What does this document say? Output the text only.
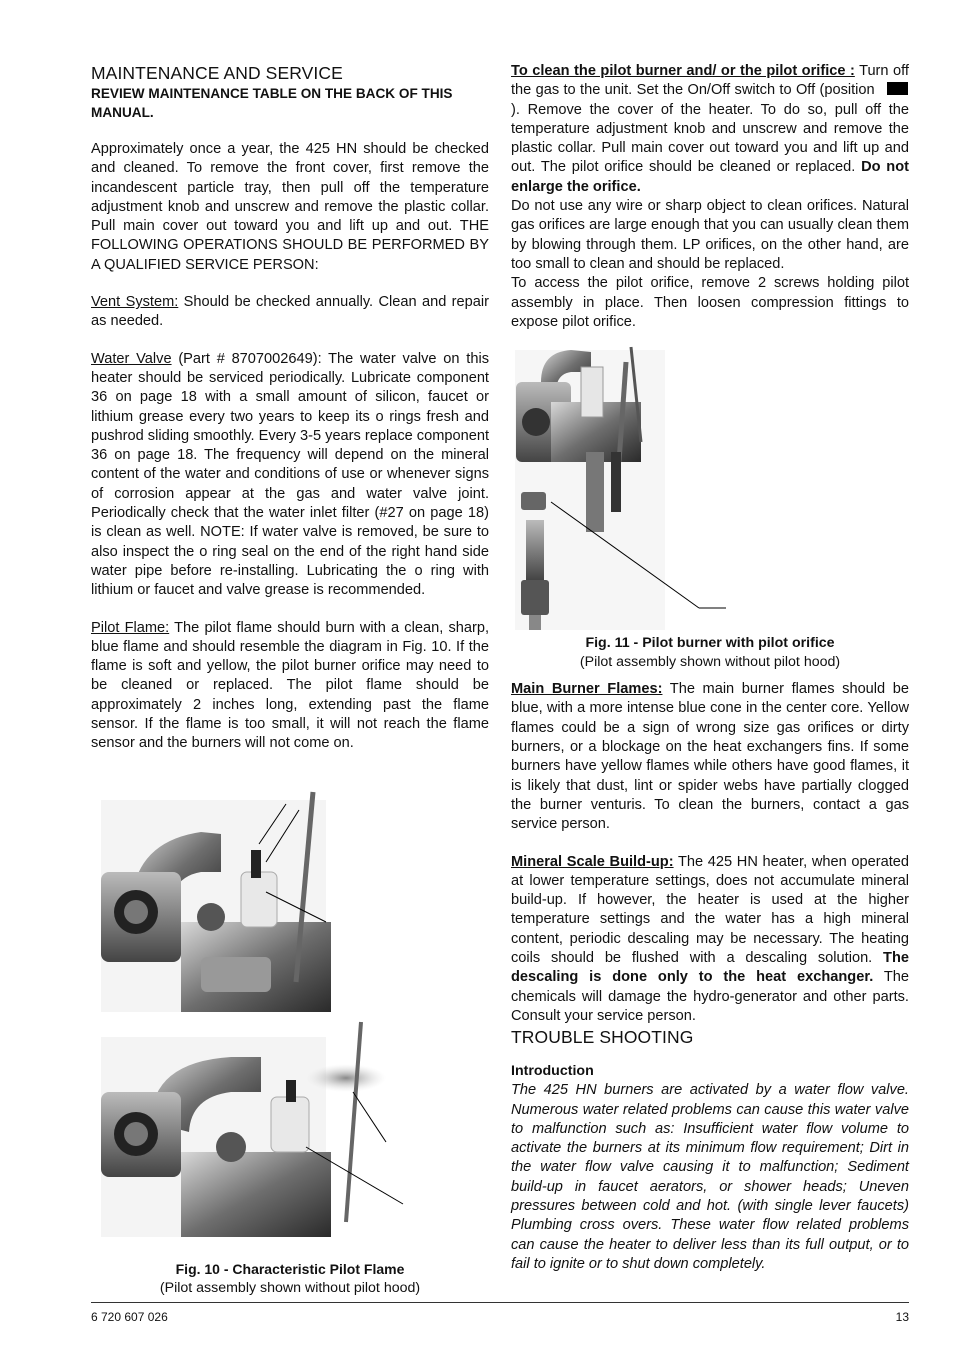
MAINTENANCE AND SERVICE
REVIEW MAINTENANCE TABLE ON THE BACK OF THIS MANUAL.

Approximately once a year, the 425 HN should be checked and cleaned. To remove the front cover, first remove the incandescent particle tray, then pull off the temperature adjustment knob and unscrew and remove the plastic collar. Pull main cover out toward you and lift up and out. THE FOLLOWING OPERATIONS SHOULD BE PERFORMED BY A QUALIFIED SERVICE PERSON:

Vent System: Should be checked annually. Clean and repair as needed.

Water Valve (Part # 8707002649): The water valve on this heater should be serviced periodically. Lubricate component 36 on page 18 with a small amount of silicon, faucet or lithium grease every two years to keep its o rings fresh and pushrod sliding smoothly. Every 3-5 years replace component 36 on page 18. The frequency will depend on the mineral content of the water and conditions of use or whenever signs of corrosion appear at the gas and water valve joint. Periodically check that the water inlet filter (#27 on page 18) is clean as well. NOTE: If water valve is removed, be sure to also inspect the o ring seal on the end of the right hand side water pipe before re-installing. Lubricating the o ring with lithium or faucet and valve grease is recommended.

Pilot Flame: The pilot flame should burn with a clean, sharp, blue flame and should resemble the diagram in Fig. 10. If the flame is soft and yellow, the pilot burner orifice may need to be cleaned or replaced. The pilot flame should be approximately 2 inches long, extending past the flame sensor. If the flame is too small, it will not reach the flame sensor and the burners will not come on.

Fig. 10 - Characteristic Pilot Flame

(Pilot assembly shown without pilot hood)

To clean the pilot burner and/ or the pilot orifice : Turn off the gas to the unit. Set the On/Off switch to Off (position ). Remove the cover of the heater. To do so, pull off the temperature adjustment knob and unscrew and remove the plastic collar. Pull main cover out toward you and lift up and out. The pilot orifice should be cleaned or replaced. Do not enlarge the orifice.

Do not use any wire or sharp object to clean orifices. Natural gas orifices are large enough that you can usually clean them by blowing through them. LP orifices, on the other hand, are too small to clean and should be replaced.

To access the pilot orifice, remove 2 screws holding pilot assembly in place. Then loosen compression fittings to expose pilot orifice.

Fig. 11 - Pilot burner with pilot orifice

(Pilot assembly shown without pilot hood)

Main Burner Flames: The main burner flames should be blue, with a more intense blue cone in the center core. Yellow flames could be a sign of wrong size gas orifices or dirty burners, or a blockage on the heat exchangers fins. If some burners have yellow flames while others have good flames, it is likely that dust, lint or spider webs have partially clogged the burner venturis. To clean the burners, contact a gas service person.

Mineral Scale Build-up: The 425 HN heater, when operated at lower temperature settings, does not accumulate mineral build-up. If however, the heater is used at the higher temperature settings and the water has a high mineral content, periodic descaling may be necessary. The heating coils should be flushed with a descaling solution. The descaling is done only to the heat exchanger. The chemicals will damage the hydro-generator and other parts. Consult your service person.

TROUBLE SHOOTING
Introduction

The 425 HN burners are activated by a water flow valve. Numerous water related problems can cause this water valve to malfunction such as: Insufficient water flow volume to activate the burners at its minimum flow requirement; Dirt in the water flow valve causing it to malfunction; Sediment build-up in faucet aerators, or shower heads; Uneven pressures between cold and hot. (with single lever faucets) Plumbing cross overs. These water flow related problems can cause the heater to deliver less than its full output, or to fail to ignite or to shut down completely.

6 720 607 026	13
